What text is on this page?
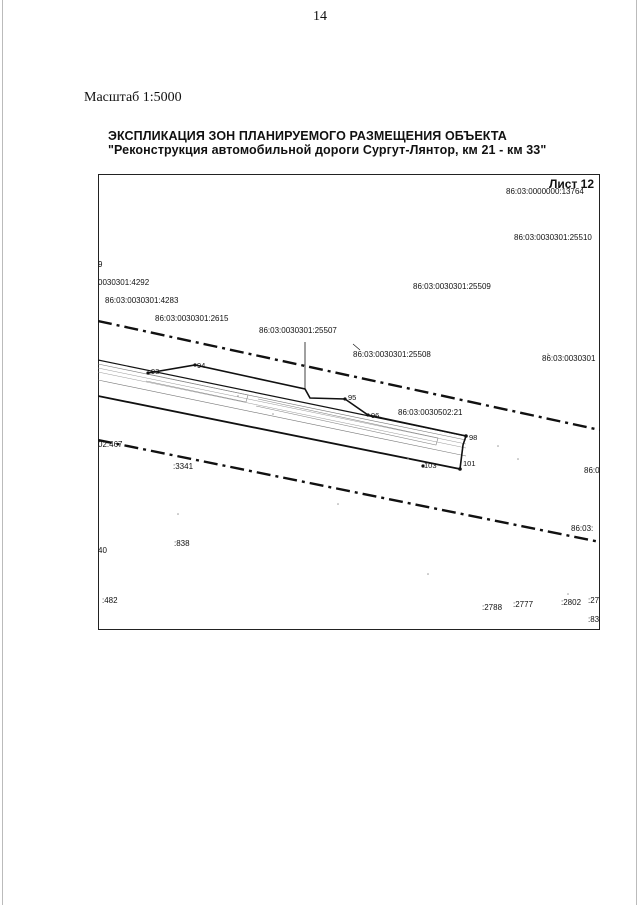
14
Масштаб 1:5000
ЭКСПЛИКАЦИЯ ЗОН ПЛАНИРУЕМОГО РАЗМЕЩЕНИЯ ОБЪЕКТА
"Реконструкция автомобильной дороги Сургут-Лянтор, км 21 - км 33"
Лист 12
86:03:0000000:13764
86:03:0030301:25510
9
0030301:4292
86:03:0030301:4283
86:03:0030301:25509
86:03:0030301:2615
86:03:0030301:25507
86:03:0030301:25508	86:03:0030301
86:03:0030502:21
02:467
:3341	86:0
86:03:
40
:838
:482
:2788 :2777	:2802 :27
:83
93
94
95
96
98
101
103
